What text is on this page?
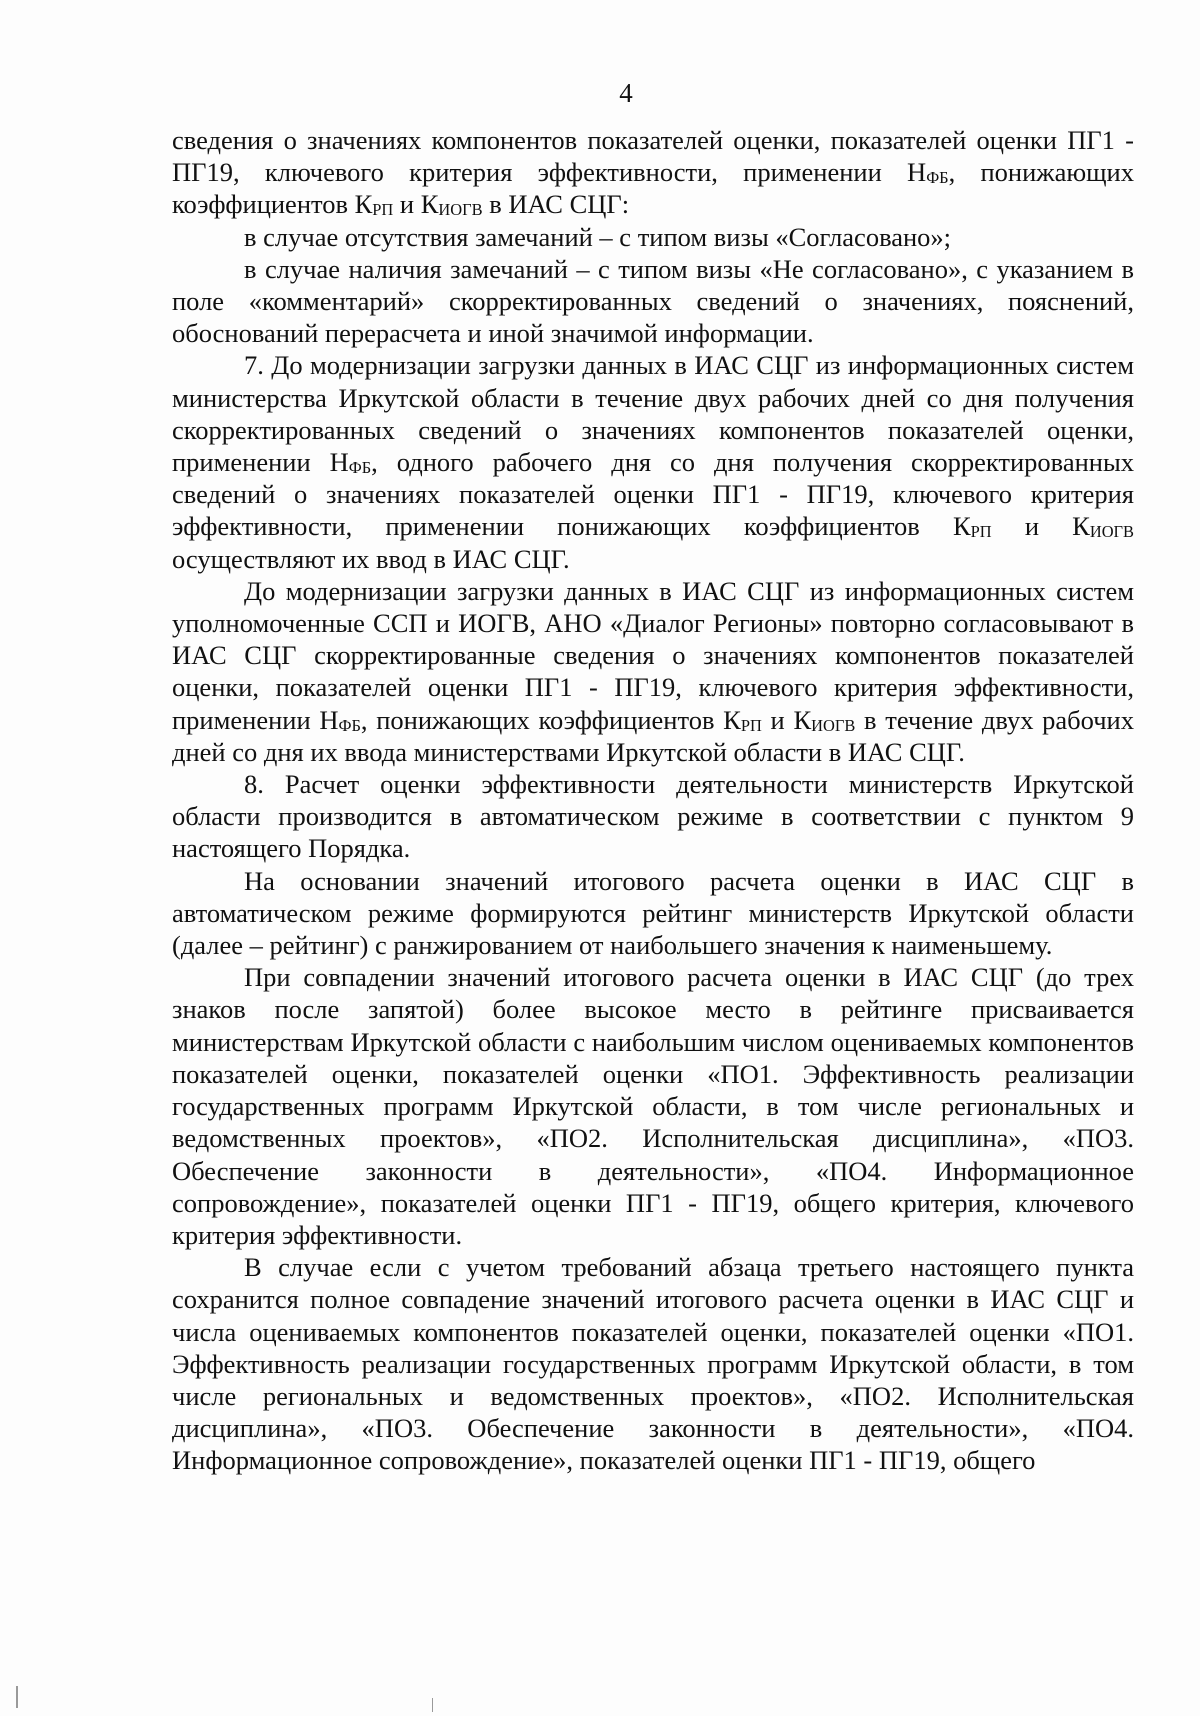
4

сведения о значениях компонентов показателей оценки, показателей оценки ПГ1 - ПГ19, ключевого критерия эффективности, применении НФБ, понижающих коэффициентов КРП и КИОГВ в ИАС СЦГ:

в случае отсутствия замечаний – с типом визы «Согласовано»;

в случае наличия замечаний – с типом визы «Не согласовано», с указанием в поле «комментарий» скорректированных сведений о значениях, пояснений, обоснований перерасчета и иной значимой информации.

7. До модернизации загрузки данных в ИАС СЦГ из информационных систем министерства Иркутской области в течение двух рабочих дней со дня получения скорректированных сведений о значениях компонентов показателей оценки, применении НФБ, одного рабочего дня со дня получения скорректированных сведений о значениях показателей оценки ПГ1 - ПГ19, ключевого критерия эффективности, применении понижающих коэффициентов КРП и КИОГВ осуществляют их ввод в ИАС СЦГ.

До модернизации загрузки данных в ИАС СЦГ из информационных систем уполномоченные ССП и ИОГВ, АНО «Диалог Регионы» повторно согласовывают в ИАС СЦГ скорректированные сведения о значениях компонентов показателей оценки, показателей оценки ПГ1 - ПГ19, ключевого критерия эффективности, применении НФБ, понижающих коэффициентов КРП и КИОГВ в течение двух рабочих дней со дня их ввода министерствами Иркутской области в ИАС СЦГ.

8. Расчет оценки эффективности деятельности министерств Иркутской области производится в автоматическом режиме в соответствии с пунктом 9 настоящего Порядка.

На основании значений итогового расчета оценки в ИАС СЦГ в автоматическом режиме формируются рейтинг министерств Иркутской области (далее – рейтинг) с ранжированием от наибольшего значения к наименьшему.

При совпадении значений итогового расчета оценки в ИАС СЦГ (до трех знаков после запятой) более высокое место в рейтинге присваивается министерствам Иркутской области с наибольшим числом оцениваемых компонентов показателей оценки, показателей оценки «ПО1. Эффективность реализации государственных программ Иркутской области, в том числе региональных и ведомственных проектов», «ПО2. Исполнительская дисциплина», «ПО3. Обеспечение законности в деятельности», «ПО4. Информационное сопровождение», показателей оценки ПГ1 - ПГ19, общего критерия, ключевого критерия эффективности.

В случае если с учетом требований абзаца третьего настоящего пункта сохранится полное совпадение значений итогового расчета оценки в ИАС СЦГ и числа оцениваемых компонентов показателей оценки, показателей оценки «ПО1. Эффективность реализации государственных программ Иркутской области, в том числе региональных и ведомственных проектов», «ПО2. Исполнительская дисциплина», «ПО3. Обеспечение законности в деятельности», «ПО4. Информационное сопровождение», показателей оценки ПГ1 - ПГ19, общего
